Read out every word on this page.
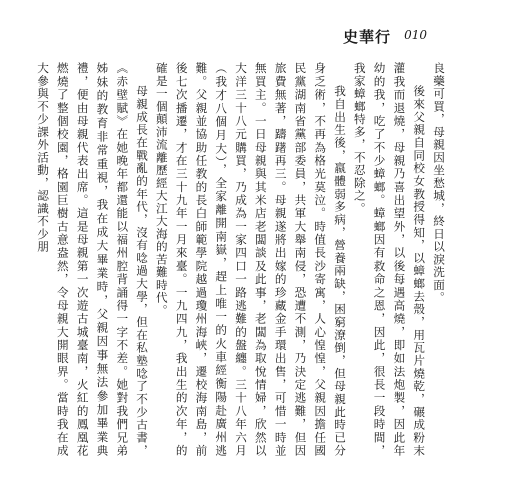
史華行 010

良藥可買，母親因坐愁城，終日以淚洗面。

後來父親自同校女教授得知，以蟑螂去殼，用瓦片燒乾，碾成粉末灌我而退燒，母親乃喜出望外，以後每遇高燒，即如法炮製，因此年幼的我，吃了不少蟑螂。蟑螂因有救命之恩，因此，很長一段時間，我家蟑螂特多，不忍除之。

我自出生後，嬴體弱多病，營養兩缺，困窮潦倒，但母親此時已分身乏術，不再為格光莫泣。時值長沙寄寓，人心惶惶，父親因擔任國民黨湖南省黨部委員，共軍大舉南侵，恐遭不測，乃決定逃難，但因旅費無著，躊躇再三。母親遂將出嫁的珍藏金手環出售，可惜一時並無買主。一日母親與其米店老闆談及此事，老闆為取悅情婦，欣然以大洋三十八元購買，乃成為一家四口一路逃難的盤纏。三十八年六月（我才八個月大），全家離開南嶽，趕上唯一的火車經衡陽赴廣州逃難。父親並協助任教的長白師範學院越過瓊州海峽，遷校海南島，前後七次播遷，才在三十九年一月來臺。一九四九，我出生的次年，的確是一個顛沛流離歷經大江大海的苦難時代。

母親成長在戰亂的年代，沒有唸過大學，但在私塾唸了不少古書，《赤壁賦》在她晚年都還能以福州腔背誦得一字不差。她對我們兄弟姊妹的教育非常重視，我在成大畢業時，父親因事無法參加畢業典禮，便由母親代表出席。這是母親第一次遊古城臺南，火紅的鳳凰花燃燒了整個校園，格園巨樹古意盎然，令母親大開眼界。當時我在成大參與不少課外活動，認識不少朋
